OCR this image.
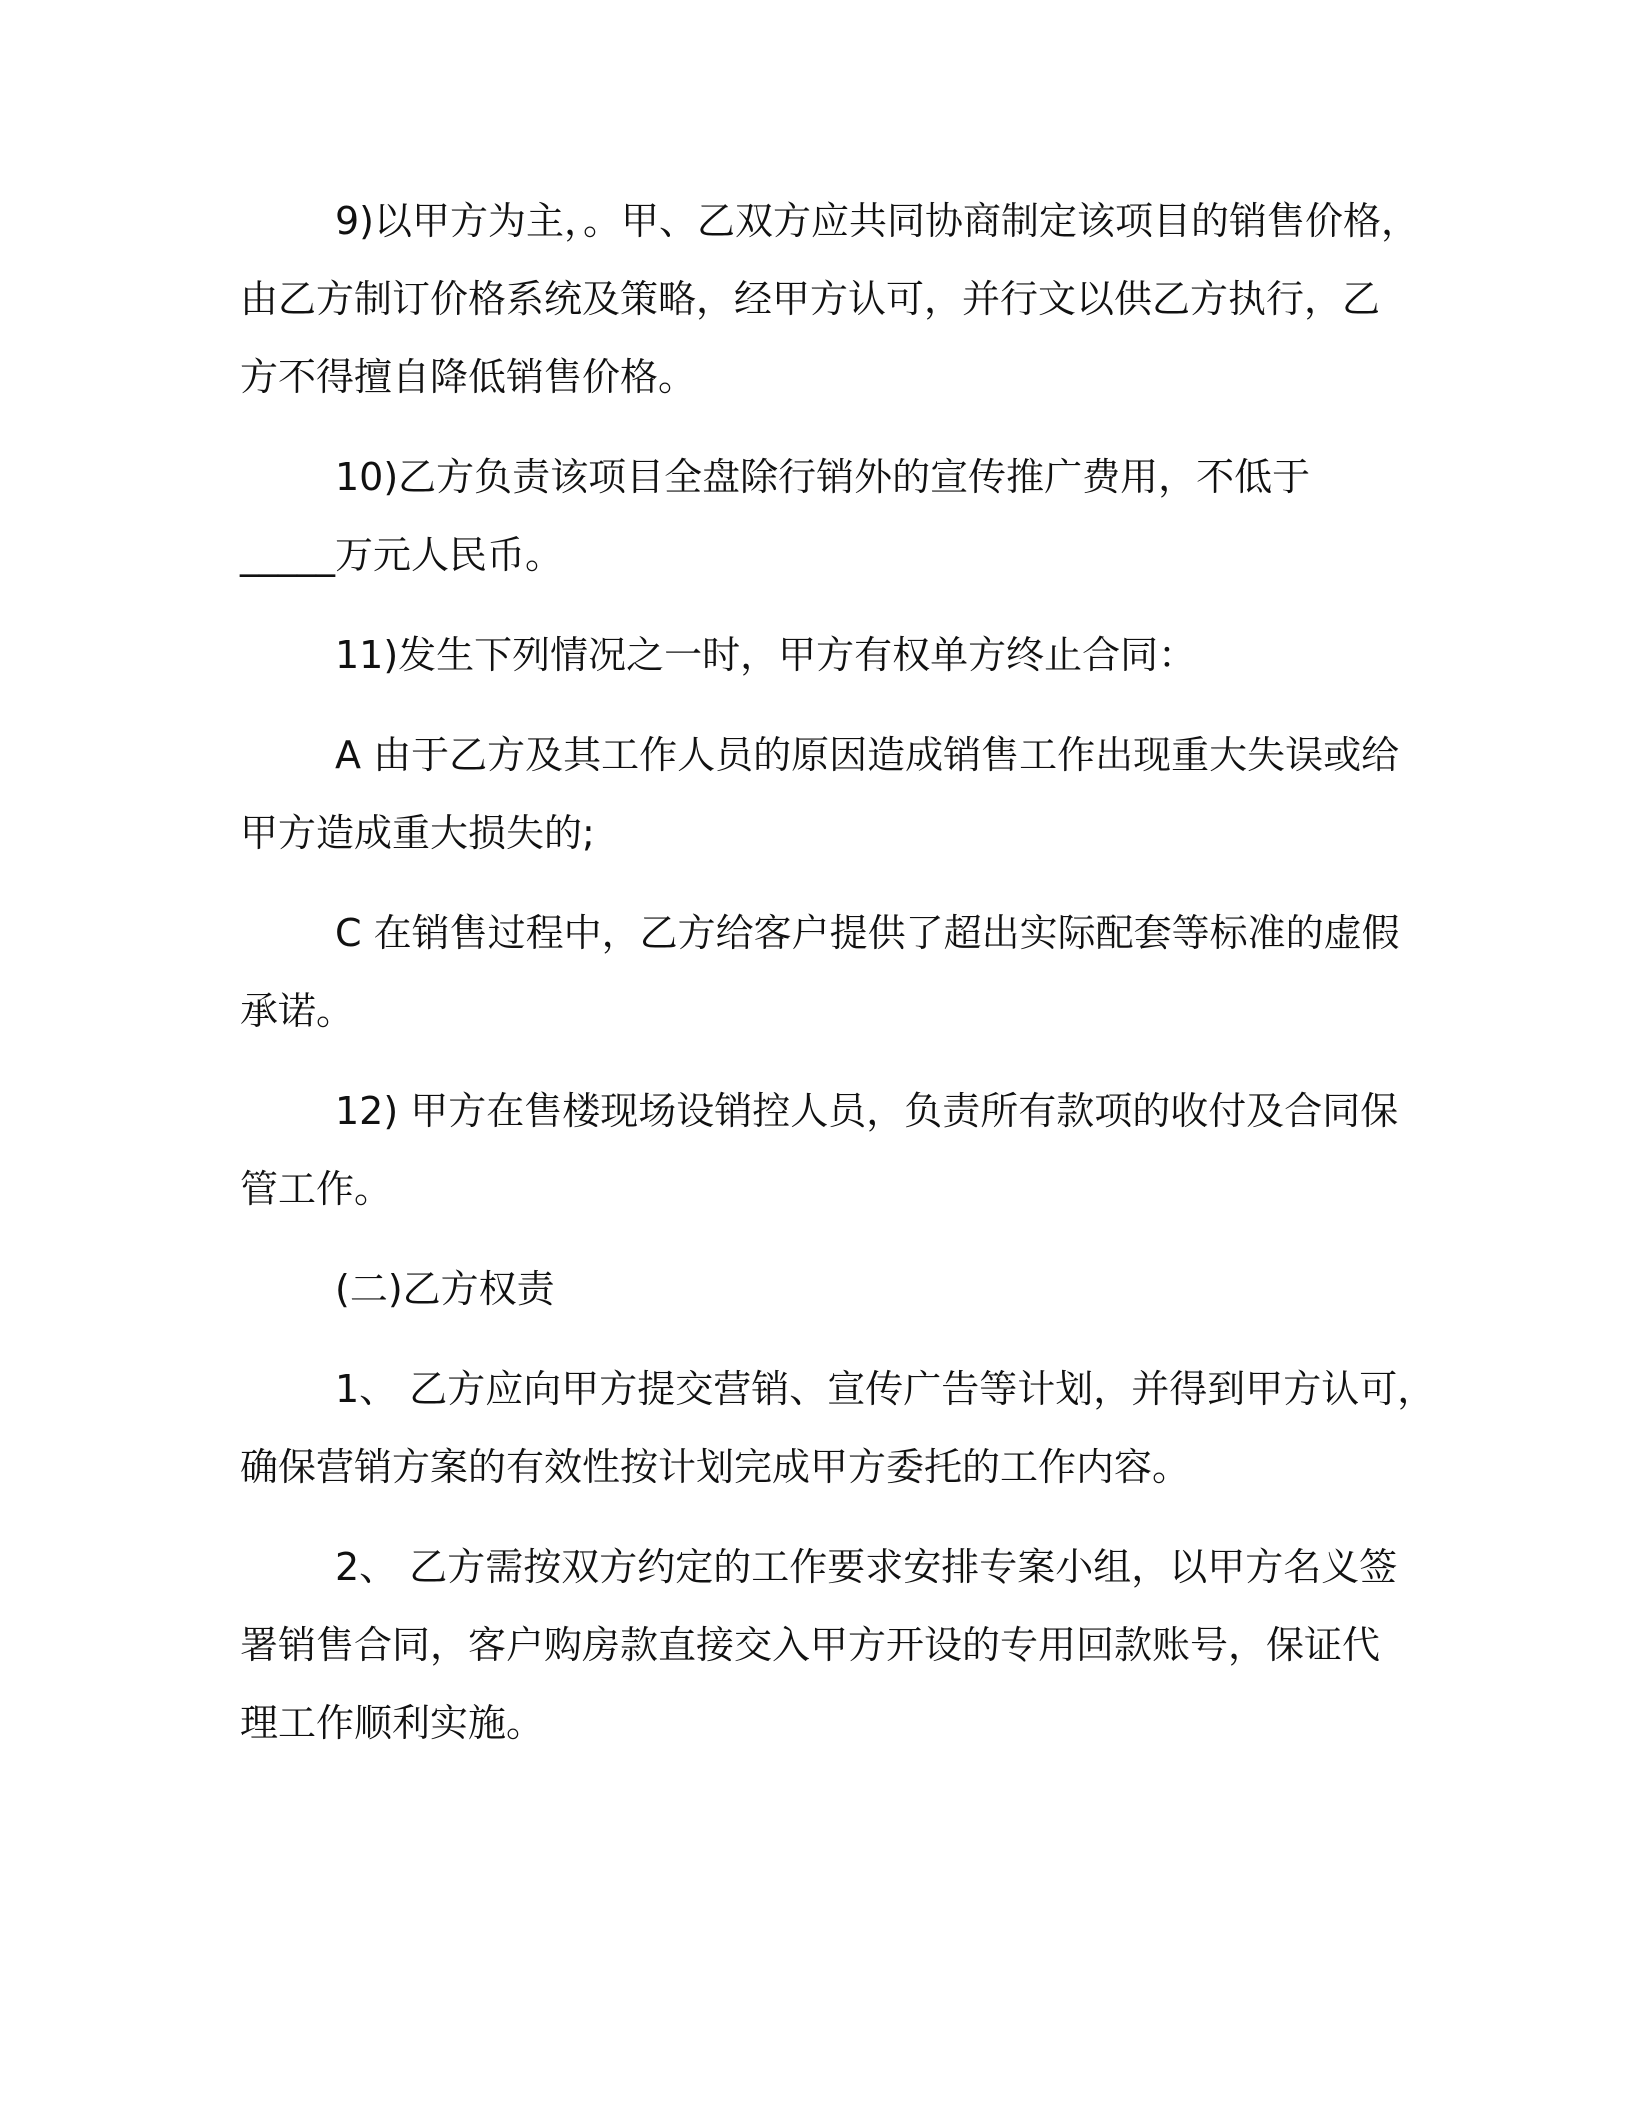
9)以甲方为主，。甲、乙双方应共同协商制定该项目的销售价格，
由乙方制订价格系统及策略，经甲方认可，并行文以供乙方执行，乙
方不得擅自降低销售价格。
10)乙方负责该项目全盘除行销外的宣传推广费用，不低于
_____万元人民币。
11)发生下列情况之一时，甲方有权单方终止合同：
A 由于乙方及其工作人员的原因造成销售工作出现重大失误或给
甲方造成重大损失的;
C 在销售过程中，乙方给客户提供了超出实际配套等标准的虚假
承诺。
12) 甲方在售楼现场设销控人员，负责所有款项的收付及合同保
管工作。
(二)乙方权责
1、 乙方应向甲方提交营销、宣传广告等计划，并得到甲方认可，
确保营销方案的有效性按计划完成甲方委托的工作内容。
2、 乙方需按双方约定的工作要求安排专案小组，以甲方名义签
署销售合同，客户购房款直接交入甲方开设的专用回款账号，保证代
理工作顺利实施。
